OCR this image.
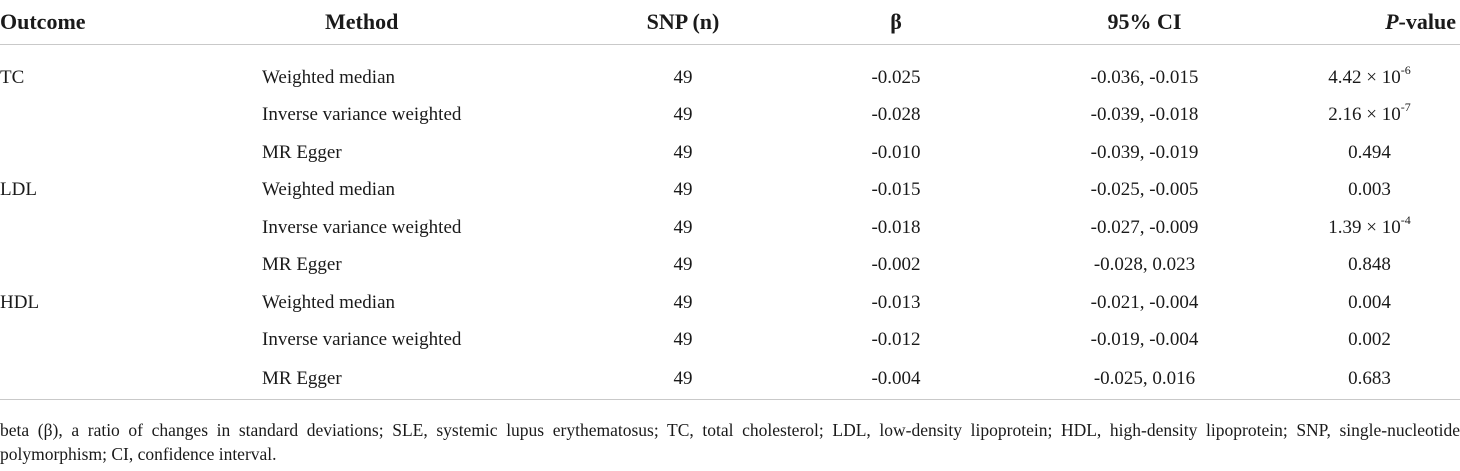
Outcome	Method	SNP (n)	β	95% CI	P-value

TC	Weighted median	49	-0.025	-0.036, -0.015	$4.42 \times 10^{-6}$
	Inverse variance weighted	49	-0.028	-0.039, -0.018	$2.16 \times 10^{-7}$
	MR Egger	49	-0.010	-0.039, -0.019	0.494
LDL	Weighted median	49	-0.015	-0.025, -0.005	0.003
	Inverse variance weighted	49	-0.018	-0.027, -0.009	$1.39 \times 10^{-4}$
	MR Egger	49	-0.002	-0.028, 0.023	0.848
HDL	Weighted median	49	-0.013	-0.021, -0.004	0.004
	Inverse variance weighted	49	-0.012	-0.019, -0.004	0.002
	MR Egger	49	-0.004	-0.025, 0.016	0.683
beta (β), a ratio of changes in standard deviations; SLE, systemic lupus erythematosus; TC, total cholesterol; LDL, low-density lipoprotein; HDL, high-density lipoprotein; SNP, single-nucleotide polymorphism; CI, confidence interval.
